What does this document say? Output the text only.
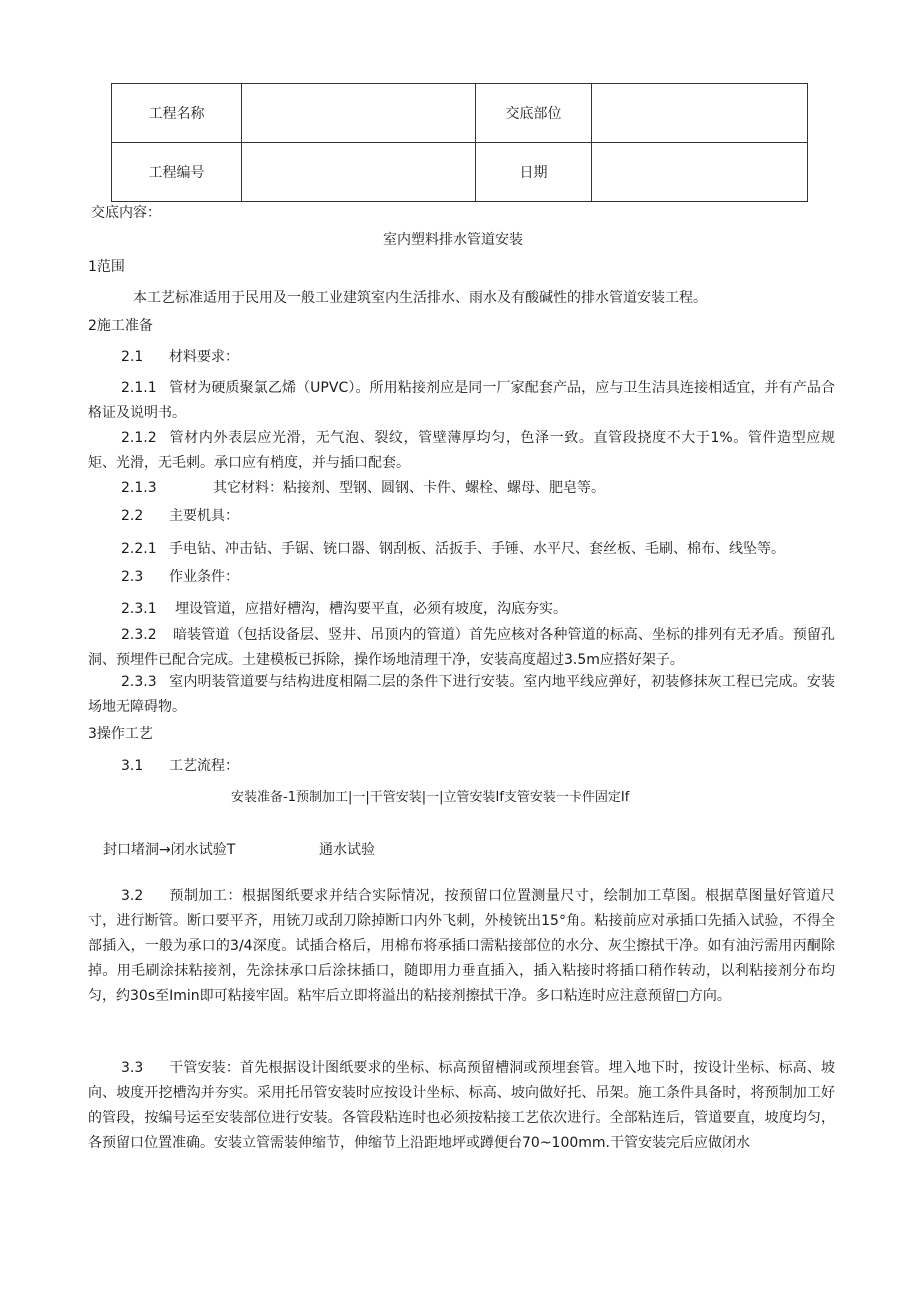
工程名称		交底部位	
工程编号		日期	
交底内容：
室内塑料排水管道安装
1范围
本工艺标准适用于民用及一般工业建筑室内生活排水、雨水及有酸碱性的排水管道安装工程。
2施工准备
2.1 材料要求：
2.1.1 管材为硬质聚氯乙烯（UPVC）。所用粘接剂应是同一厂家配套产品，应与卫生洁具连接相适宜，并有产品合格证及说明书。
2.1.2 管材内外表层应光滑，无气泡、裂纹，管壁薄厚均匀，色泽一致。直管段挠度不大于1%。管件造型应规矩、光滑，无毛刺。承口应有梢度，并与插口配套。
2.1.3	其它材料：粘接剂、型钢、圆钢、卡件、螺栓、螺母、肥皂等。
2.2 主要机具：
2.2.1 手电钻、冲击钻、手锯、铳口器、钢刮板、活扳手、手锤、水平尺、套丝板、毛刷、棉布、线坠等。
2.3 作业条件：
2.3.1 埋设管道，应措好槽沟，槽沟要平直，必须有坡度，沟底夯实。
2.3.2 暗装管道（包括设备层、竖井、吊顶内的管道）首先应核对各种管道的标高、坐标的排列有无矛盾。预留孔洞、预埋件已配合完成。土建模板已拆除，操作场地清理干净，安装高度超过3.5m应搭好架子。
2.3.3 室内明装管道要与结构进度相隔二层的条件下进行安装。室内地平线应弹好，初装修抹灰工程已完成。安装场地无障碍物。
3操作工艺
3.1 工艺流程：
安装准备-1预制加工|一|干管安装|一|立管安装If支管安装一卡件固定If
封口堵洞→闭水试验T	通水试验
3.2 预制加工：根据图纸要求并结合实际情况，按预留口位置测量尺寸，绘制加工草图。根据草图量好管道尺寸，进行断管。断口要平齐，用铳刀或刮刀除掉断口内外飞刺，外棱铳出15°角。粘接前应对承插口先插入试验，不得全部插入，一般为承口的3/4深度。试插合格后，用棉布将承插口需粘接部位的水分、灰尘擦拭干净。如有油污需用丙酮除掉。用毛刷涂抹粘接剂，先涂抹承口后涂抹插口，随即用力垂直插入，插入粘接时将插口稍作转动，以利粘接剂分布均匀，约30s至Imin即可粘接牢固。粘牢后立即将溢出的粘接剂擦拭干净。多口粘连时应注意预留□方向。
3.3 干管安装：首先根据设计图纸要求的坐标、标高预留槽洞或预埋套管。埋入地下时，按设计坐标、标高、坡向、坡度开挖槽沟并夯实。采用托吊管安装时应按设计坐标、标高、坡向做好托、吊架。施工条件具备时，将预制加工好的管段，按编号运至安装部位进行安装。各管段粘连时也必须按粘接工艺依次进行。全部粘连后，管道要直，坡度均匀，各预留口位置准确。安装立管需装伸缩节，伸缩节上沿距地坪或蹲便台70~100mm.干管安装完后应做闭水
